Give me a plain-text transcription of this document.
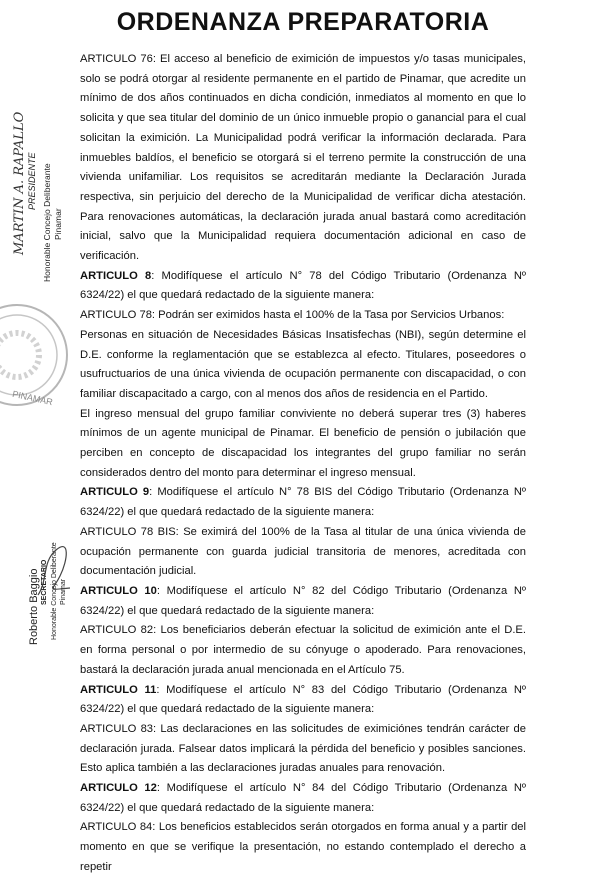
ORDENANZA PREPARATORIA
MARTIN A. RAPALLO PRESIDENTE Honorable Concejo Deliberante Pinamar
PINAMAR
Roberto Baggio SECRETARIO Honorable Concejo Deliberante Pinamar

ARTICULO 76: El acceso al beneficio de eximición de impuestos y/o tasas municipales, solo se podrá otorgar al residente permanente en el partido de Pinamar, que acredite un mínimo de dos años continuados en dicha condición, inmediatos al momento en que lo solicita y que sea titular del dominio de un único inmueble propio o ganancial para el cual solicitan la eximición. La Municipalidad podrá verificar la información declarada. Para inmuebles baldíos, el beneficio se otorgará si el terreno permite la construcción de una vivienda unifamiliar. Los requisitos se acreditarán mediante la Declaración Jurada respectiva, sin perjuicio del derecho de la Municipalidad de verificar dicha atestación. Para renovaciones automáticas, la declaración jurada anual bastará como acreditación inicial, salvo que la Municipalidad requiera documentación adicional en caso de verificación.

ARTICULO 8: Modifíquese el artículo N° 78 del Código Tributario (Ordenanza Nº 6324/22) el que quedará redactado de la siguiente manera:

ARTICULO 78: Podrán ser eximidos hasta el 100% de la Tasa por Servicios Urbanos:

Personas en situación de Necesidades Básicas Insatisfechas (NBI), según determine el D.E. conforme la reglamentación que se establezca al efecto. Titulares, poseedores o usufructuarios de una única vivienda de ocupación permanente con discapacidad, o con familiar discapacitado a cargo, con al menos dos años de residencia en el Partido.

El ingreso mensual del grupo familiar conviviente no deberá superar tres (3) haberes mínimos de un agente municipal de Pinamar. El beneficio de pensión o jubilación que perciben en concepto de discapacidad los integrantes del grupo familiar no serán considerados dentro del monto para determinar el ingreso mensual.

ARTICULO 9: Modifíquese el artículo N° 78 BIS del Código Tributario (Ordenanza Nº 6324/22) el que quedará redactado de la siguiente manera:

ARTICULO 78 BIS: Se eximirá del 100% de la Tasa al titular de una única vivienda de ocupación permanente con guarda judicial transitoria de menores, acreditada con documentación judicial.

ARTICULO 10: Modifíquese el artículo N° 82 del Código Tributario (Ordenanza Nº 6324/22) el que quedará redactado de la siguiente manera:

ARTICULO 82: Los beneficiarios deberán efectuar la solicitud de eximición ante el D.E. en forma personal o por intermedio de su cónyuge o apoderado. Para renovaciones, bastará la declaración jurada anual mencionada en el Artículo 75.

ARTICULO 11: Modifíquese el artículo N° 83 del Código Tributario (Ordenanza Nº 6324/22) el que quedará redactado de la siguiente manera:

ARTICULO 83: Las declaraciones en las solicitudes de eximiciónes tendrán carácter de declaración jurada. Falsear datos implicará la pérdida del beneficio y posibles sanciones. Esto aplica también a las declaraciones juradas anuales para renovación.

ARTICULO 12: Modifíquese el artículo N° 84 del Código Tributario (Ordenanza Nº 6324/22) el que quedará redactado de la siguiente manera:

ARTICULO 84: Los beneficios establecidos serán otorgados en forma anual y a partir del momento en que se verifique la presentación, no estando contemplado el derecho a repetir
